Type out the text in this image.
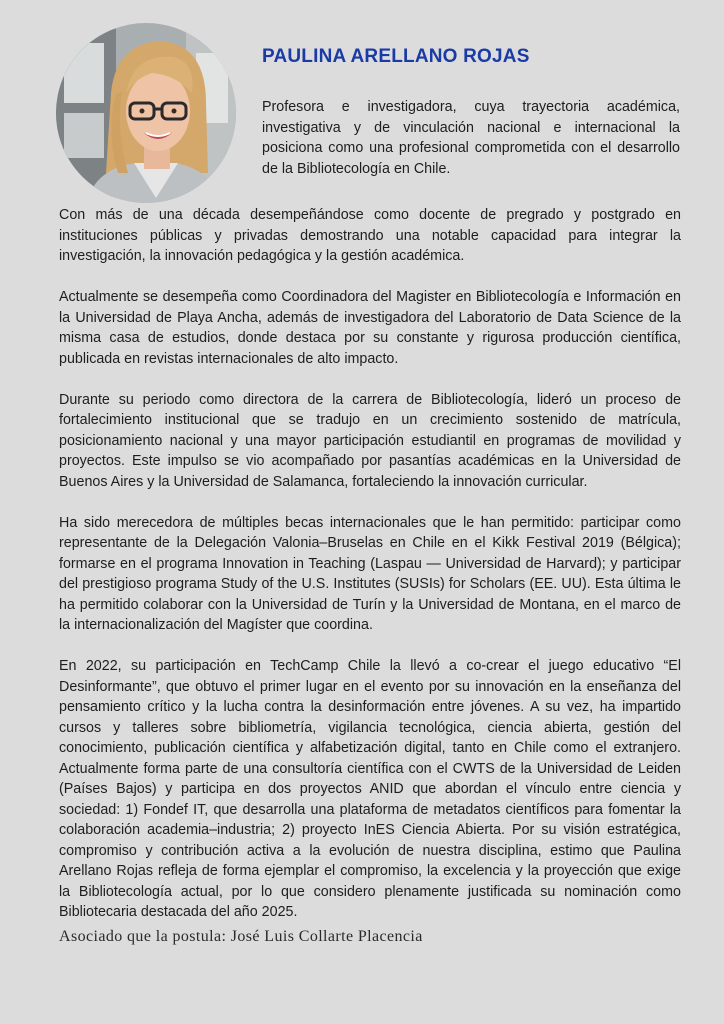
PAULINA ARELLANO ROJAS

Profesora e investigadora, cuya trayectoria académica, investigativa y de vinculación nacional e internacional la posiciona como una profesional comprometida con el desarrollo de la Bibliotecología en Chile.

Con más de una década desempeñándose como docente de pregrado y postgrado en instituciones públicas y privadas demostrando una notable capacidad para integrar la investigación, la innovación pedagógica y la gestión académica.

Actualmente se desempeña como Coordinadora del Magister en Bibliotecología e Información en la Universidad de Playa Ancha, además de investigadora del Laboratorio de Data Science de la misma casa de estudios, donde destaca por su constante y rigurosa producción científica, publicada en revistas internacionales de alto impacto.

Durante su periodo como directora de la carrera de Bibliotecología, lideró un proceso de fortalecimiento institucional que se tradujo en un crecimiento sostenido de matrícula, posicionamiento nacional y una mayor participación estudiantil en programas de movilidad y proyectos. Este impulso se vio acompañado por pasantías académicas en la Universidad de Buenos Aires y la Universidad de Salamanca, fortaleciendo la innovación curricular.

Ha sido merecedora de múltiples becas internacionales que le han permitido: participar como representante de la Delegación Valonia–Bruselas en Chile en el Kikk Festival 2019 (Bélgica); formarse en el programa Innovation in Teaching (Laspau — Universidad de Harvard); y participar del prestigioso programa Study of the U.S. Institutes (SUSIs) for Scholars (EE. UU). Esta última le ha permitido colaborar con la Universidad de Turín y la Universidad de Montana, en el marco de la internacionalización del Magíster que coordina.

En 2022, su participación en TechCamp Chile la llevó a co-crear el juego educativo “El Desinformante”, que obtuvo el primer lugar en el evento por su innovación en la enseñanza del pensamiento crítico y la lucha contra la desinformación entre jóvenes. A su vez, ha impartido cursos y talleres sobre bibliometría, vigilancia tecnológica, ciencia abierta, gestión del conocimiento, publicación científica y alfabetización digital, tanto en Chile como el extranjero. Actualmente forma parte de una consultoría científica con el CWTS de la Universidad de Leiden (Países Bajos) y participa en dos proyectos ANID que abordan el vínculo entre ciencia y sociedad: 1) Fondef IT, que desarrolla una plataforma de metadatos científicos para fomentar la colaboración academia–industria; 2) proyecto InES Ciencia Abierta. Por su visión estratégica, compromiso y contribución activa a la evolución de nuestra disciplina, estimo que Paulina Arellano Rojas refleja de forma ejemplar el compromiso, la excelencia y la proyección que exige la Bibliotecología actual, por lo que considero plenamente justificada su nominación como Bibliotecaria destacada del año 2025.

Asociado que la postula: José Luis Collarte Placencia
